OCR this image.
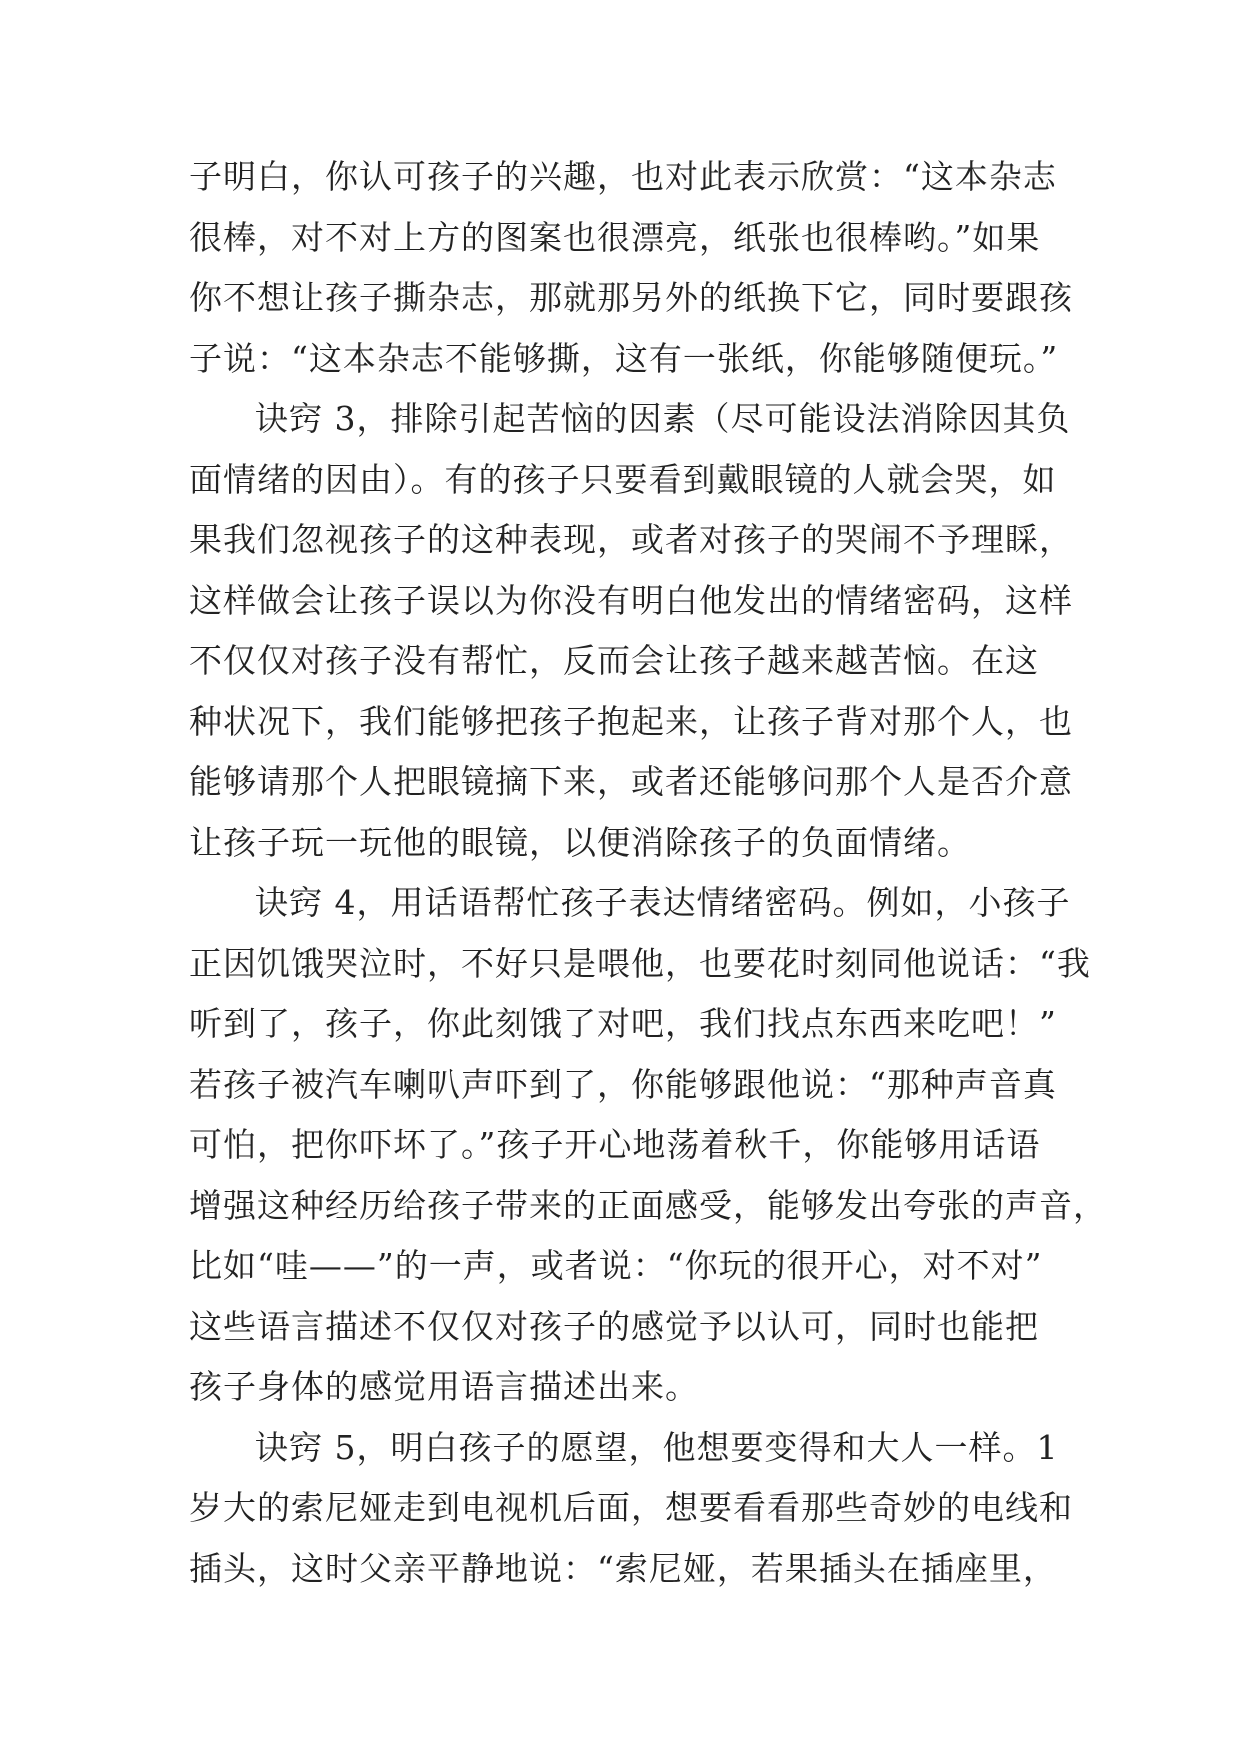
子明白，你认可孩子的兴趣，也对此表示欣赏：“这本杂志
很棒，对不对上方的图案也很漂亮，纸张也很棒哟。”如果
你不想让孩子撕杂志，那就那另外的纸换下它，同时要跟孩
子说：“这本杂志不能够撕，这有一张纸，你能够随便玩。”
诀窍 3，排除引起苦恼的因素（尽可能设法消除因其负
面情绪的因由）。有的孩子只要看到戴眼镜的人就会哭，如
果我们忽视孩子的这种表现，或者对孩子的哭闹不予理睬，
这样做会让孩子误以为你没有明白他发出的情绪密码，这样
不仅仅对孩子没有帮忙，反而会让孩子越来越苦恼。在这
种状况下，我们能够把孩子抱起来，让孩子背对那个人，也
能够请那个人把眼镜摘下来，或者还能够问那个人是否介意
让孩子玩一玩他的眼镜，以便消除孩子的负面情绪。
诀窍 4，用话语帮忙孩子表达情绪密码。例如，小孩子
正因饥饿哭泣时，不好只是喂他，也要花时刻同他说话：“我
听到了，孩子，你此刻饿了对吧，我们找点东西来吃吧！”
若孩子被汽车喇叭声吓到了，你能够跟他说：“那种声音真
可怕，把你吓坏了。”孩子开心地荡着秋千，你能够用话语
增强这种经历给孩子带来的正面感受，能够发出夸张的声音，
比如“哇——”的一声，或者说：“你玩的很开心，对不对”
这些语言描述不仅仅对孩子的感觉予以认可，同时也能把
孩子身体的感觉用语言描述出来。
诀窍 5，明白孩子的愿望，他想要变得和大人一样。1
岁大的索尼娅走到电视机后面，想要看看那些奇妙的电线和
插头，这时父亲平静地说：“索尼娅，若果插头在插座里，
